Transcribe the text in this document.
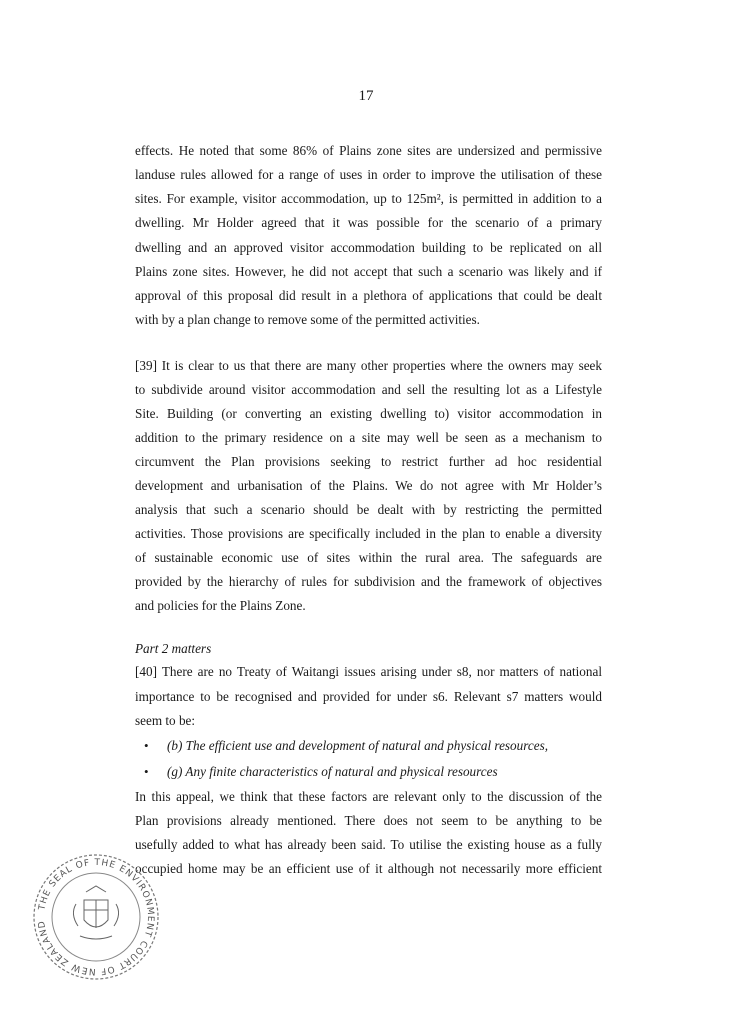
17
effects. He noted that some 86% of Plains zone sites are undersized and permissive
landuse rules allowed for a range of uses in order to improve the utilisation of these
sites. For example, visitor accommodation, up to 125m², is permitted in addition to a
dwelling. Mr Holder agreed that it was possible for the scenario of a primary
dwelling and an approved visitor accommodation building to be replicated on all
Plains zone sites. However, he did not accept that such a scenario was likely and if
approval of this proposal did result in a plethora of applications that could be dealt
with by a plan change to remove some of the permitted activities.
[39] It is clear to us that there are many other properties where the owners may seek
to subdivide around visitor accommodation and sell the resulting lot as a Lifestyle
Site. Building (or converting an existing dwelling to) visitor accommodation in
addition to the primary residence on a site may well be seen as a mechanism to
circumvent the Plan provisions seeking to restrict further ad hoc residential
development and urbanisation of the Plains. We do not agree with Mr Holder’s
analysis that such a scenario should be dealt with by restricting the permitted
activities. Those provisions are specifically included in the plan to enable a diversity
of sustainable economic use of sites within the rural area. The safeguards are
provided by the hierarchy of rules for subdivision and the framework of objectives
and policies for the Plains Zone.
Part 2 matters
[40] There are no Treaty of Waitangi issues arising under s8, nor matters of national
importance to be recognised and provided for under s6. Relevant s7 matters would
seem to be:
• (b) The efficient use and development of natural and physical resources,
• (g) Any finite characteristics of natural and physical resources
In this appeal, we think that these factors are relevant only to the discussion of the
Plan provisions already mentioned. There does not seem to be anything to be
usefully added to what has already been said. To utilise the existing house as a fully
occupied home may be an efficient use of it although not necessarily more efficient
THE SEAL OF THE ENVIRONMENT COURT OF NEW ZEALAND
